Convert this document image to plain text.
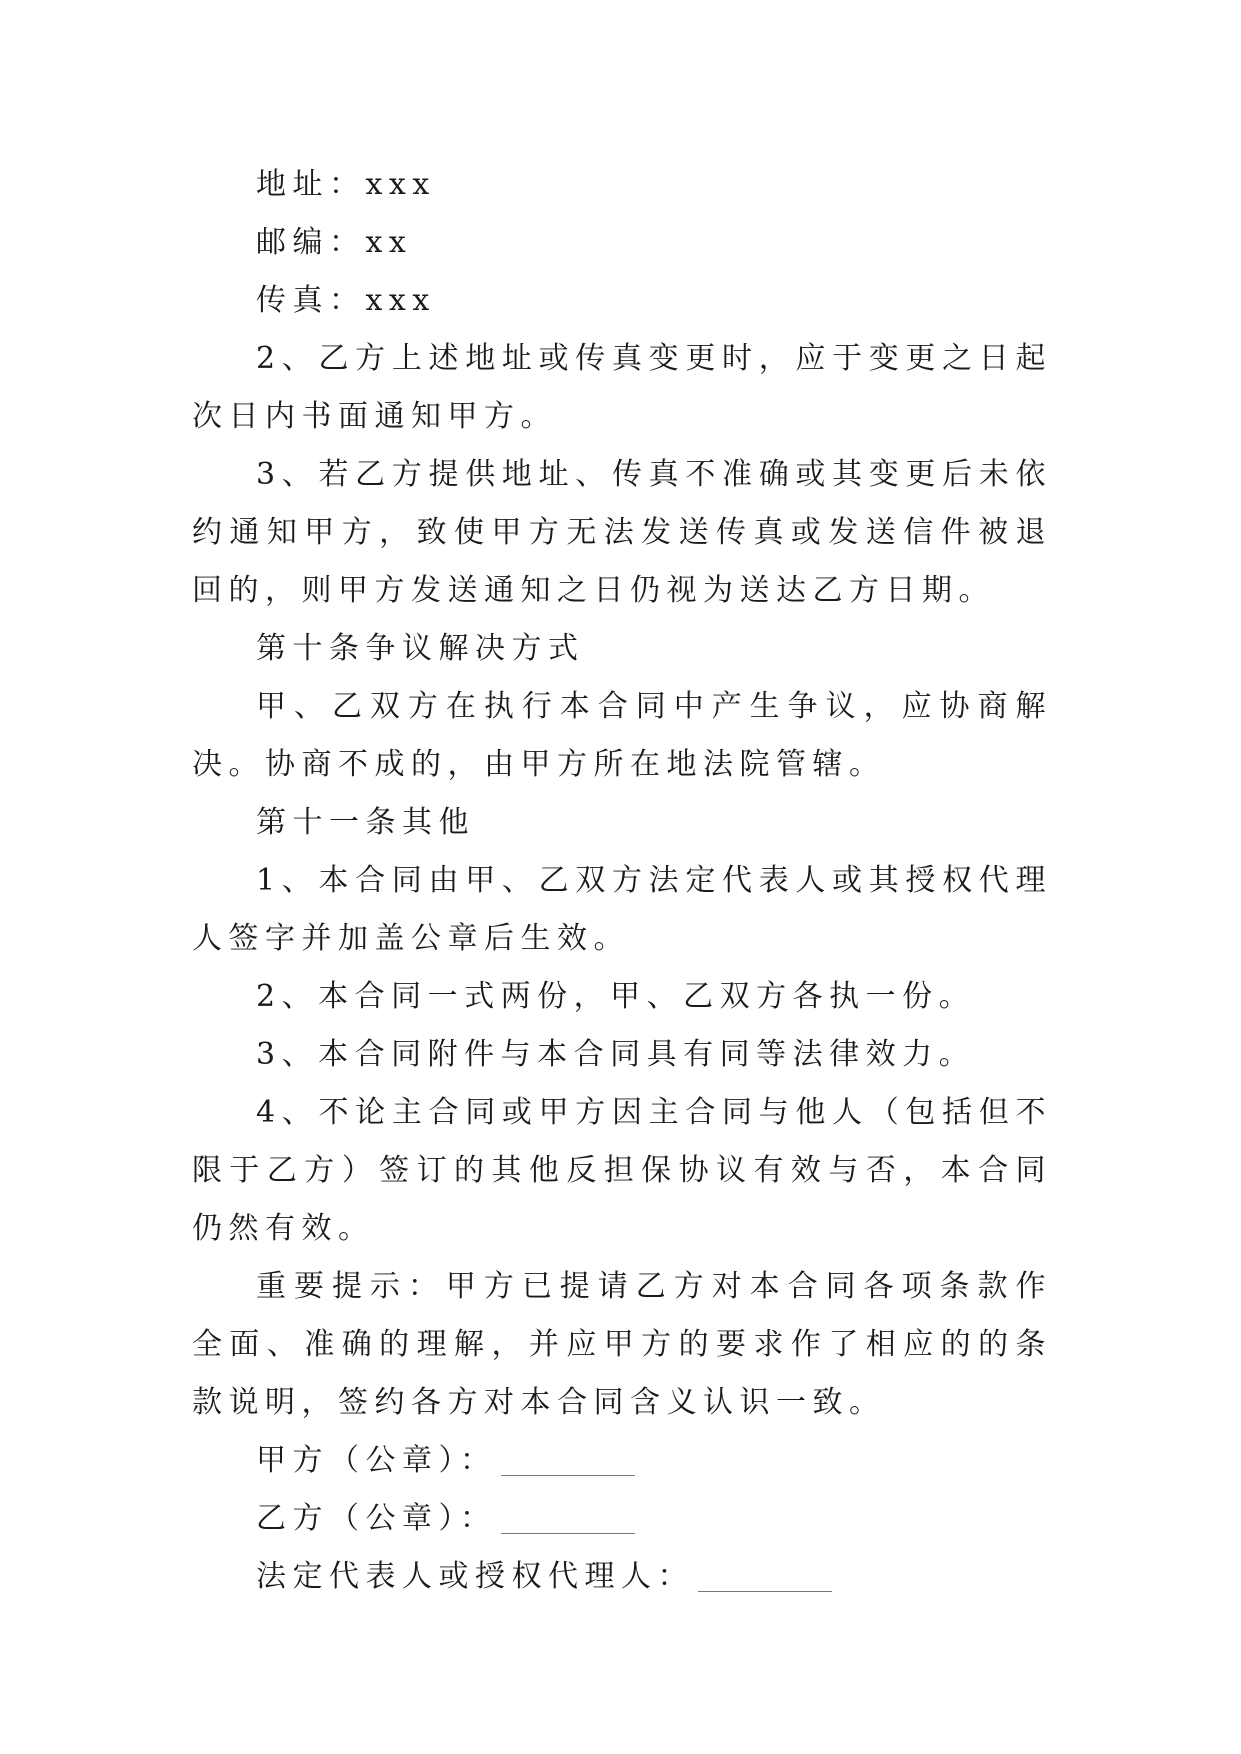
地址：xxx

邮编：xx

传真：xxx

2、乙方上述地址或传真变更时，应于变更之日起次日内书面通知甲方。

3、若乙方提供地址、传真不准确或其变更后未依约通知甲方，致使甲方无法发送传真或发送信件被退回的，则甲方发送通知之日仍视为送达乙方日期。

第十条争议解决方式

甲、乙双方在执行本合同中产生争议，应协商解决。协商不成的，由甲方所在地法院管辖。

第十一条其他

1、本合同由甲、乙双方法定代表人或其授权代理人签字并加盖公章后生效。

2、本合同一式两份，甲、乙双方各执一份。

3、本合同附件与本合同具有同等法律效力。

4、不论主合同或甲方因主合同与他人（包括但不限于乙方）签订的其他反担保协议有效与否，本合同仍然有效。

重要提示：甲方已提请乙方对本合同各项条款作全面、准确的理解，并应甲方的要求作了相应的的条款说明，签约各方对本合同含义认识一致。

甲方（公章）：

乙方（公章）：

法定代表人或授权代理人：
